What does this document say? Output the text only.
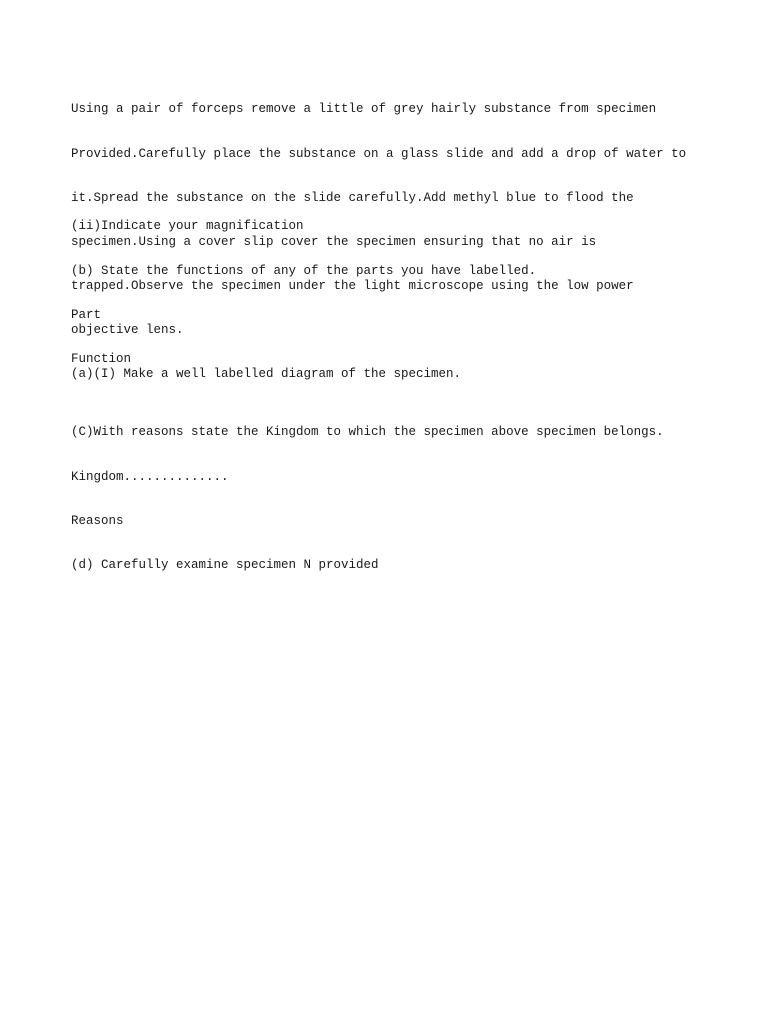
Using a pair of forceps remove a little of grey hairly substance from specimen

Provided.Carefully place the substance on a glass slide and add a drop of water to

it.Spread the substance on the slide carefully.Add methyl blue to flood the

specimen.Using a cover slip cover the specimen ensuring that no air is

trapped.Observe the specimen under the light microscope using the low power

objective lens.

(a)(I) Make a well labelled diagram of the specimen.

(ii)Indicate your magnification

(b) State the functions of any of the parts you have labelled.

Part

Function

(C)With reasons state the Kingdom to which the specimen above specimen belongs.

Kingdom..............

Reasons

(d) Carefully examine specimen N provided
